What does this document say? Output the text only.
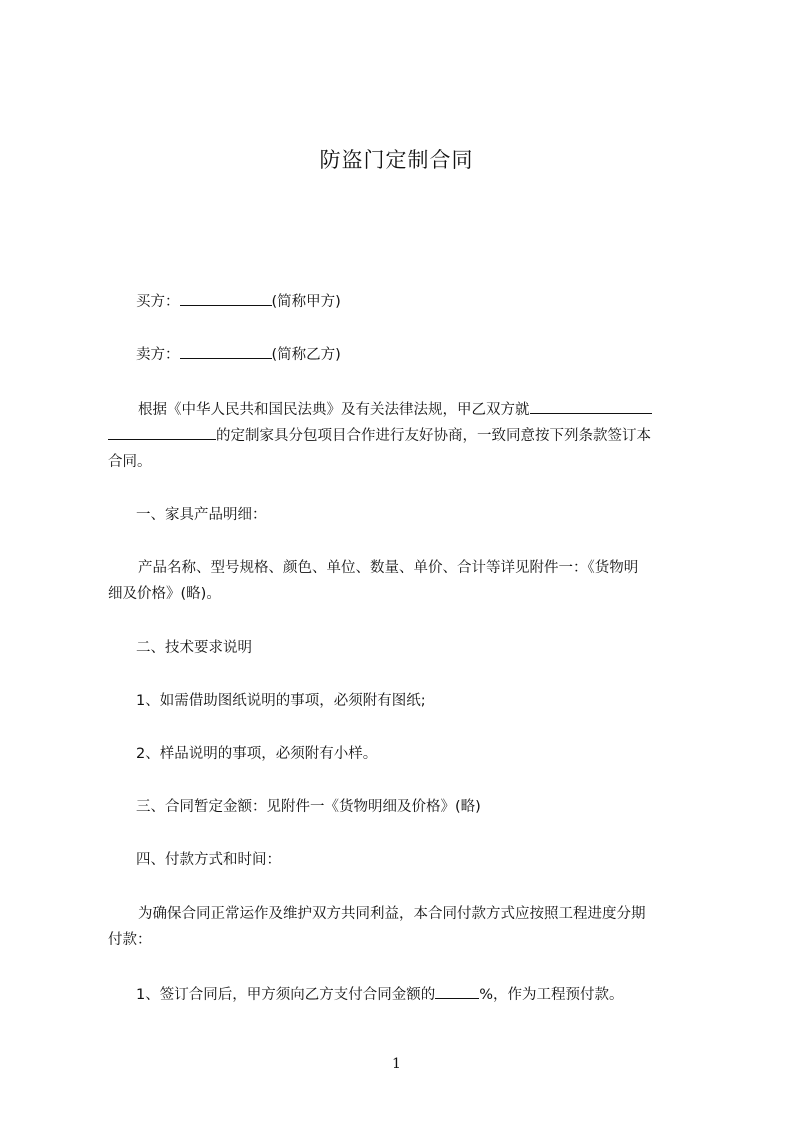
防盗门定制合同

买方：	(简称甲方)

卖方：	(简称乙方)

根据《中华人民共和国民法典》及有关法律法规，甲乙双方就

的定制家具分包项目合作进行友好协商，一致同意按下列条款签订本

合同。

一、家具产品明细：

产品名称、型号规格、颜色、单位、数量、单价、合计等详见附件一：《货物明

细及价格》(略)。

二、技术要求说明

1、如需借助图纸说明的事项，必须附有图纸;

2、样品说明的事项，必须附有小样。

三、合同暂定金额：见附件一《货物明细及价格》(略)

四、付款方式和时间：

为确保合同正常运作及维护双方共同利益，本合同付款方式应按照工程进度分期

付款：

1、签订合同后，甲方须向乙方支付合同金额的	%，作为工程预付款。

1
